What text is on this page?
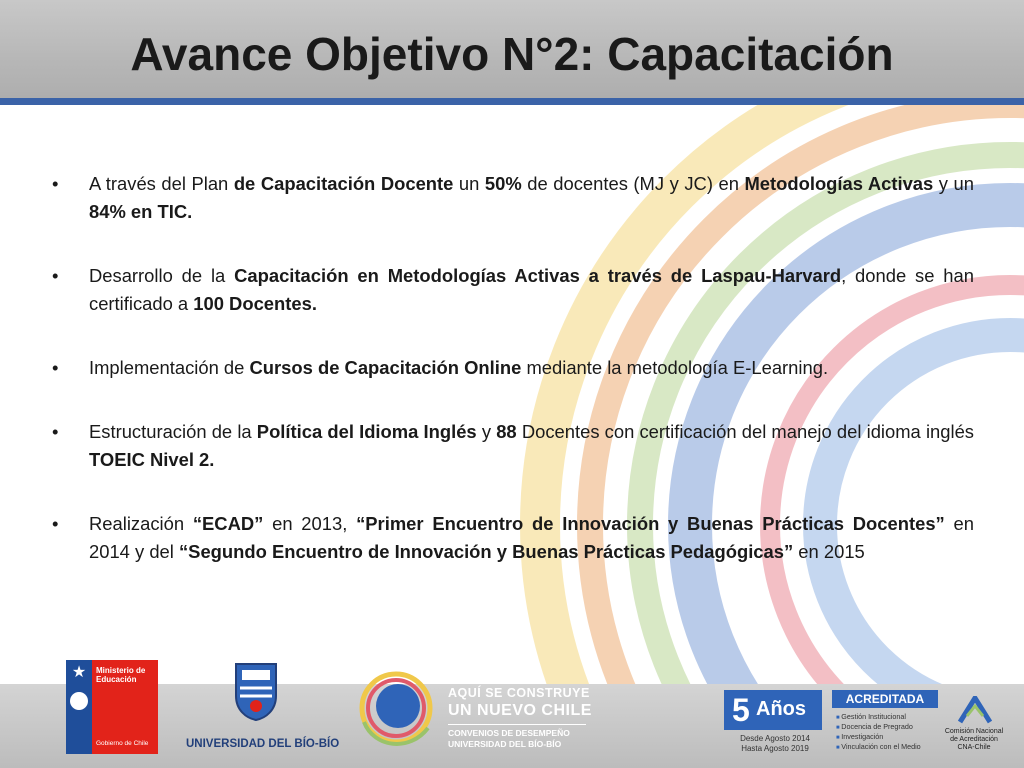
Avance Objetivo N°2: Capacitación

• A través del Plan de Capacitación Docente un 50% de docentes (MJ y JC) en Metodologías Activas y un 84% en TIC.

• Desarrollo de la Capacitación en Metodologías Activas a través de Laspau-Harvard, donde se han certificado a 100 Docentes.

• Implementación de Cursos de Capacitación Online mediante la metodología E-Learning.

• Estructuración de la Política del Idioma Inglés y 88 Docentes con certificación del manejo del idioma inglés TOEIC Nivel 2.

• Realización “ECAD” en 2013, “Primer Encuentro de Innovación y Buenas Prácticas Docentes” en 2014 y del “Segundo Encuentro de Innovación y Buenas Prácticas Pedagógicas” en 2015

★	Ministerio de Educación
Gobierno de Chile	UNIVERSIDAD DEL BÍO-BÍO
AQUÍ SE CONSTRUYE
UN NUEVO CHILE
CONVENIOS DE DESEMPEÑO
UNIVERSIDAD DEL BÍO-BÍO
5 Años
Desde Agosto 2014
Hasta Agosto 2019
ACREDITADA
■ Gestión Institucional
■ Docencia de Pregrado
■ Investigación
■ Vinculación con el Medio
Comisión Nacional
de Acreditación
CNA-Chile
